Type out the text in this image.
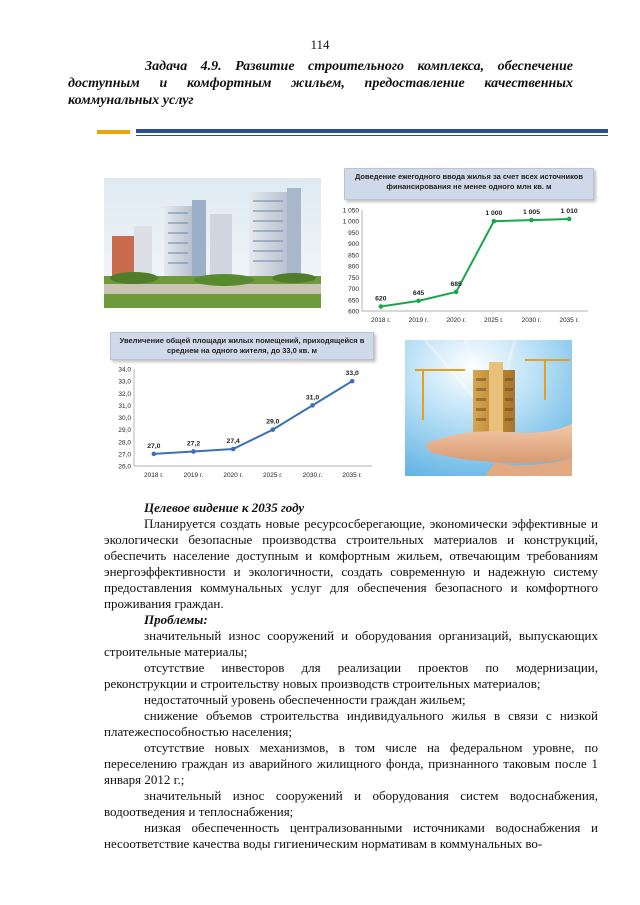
114
Задача 4.9. Развитие строительного комплекса, обеспечение доступным и комфортным жильем, предоставление качественных коммунальных услуг
Доведение ежегодного ввода жилья за счет всех источников финансирования не менее одного млн кв. м
600
650
700
750
800
850
900
950
1 000
1 050
2018 г.	2019 г.	2020 г.	2025 г.	2030 г.	2035 г.
620
645
685
1 000	1 005	1 010
Увеличение общей площади жилых помещений, приходящейся в среднем на одного жителя, до 33,0 кв. м
26,0
27,0
28,0
29,0
30,0
31,0
32,0
33,0
34,0
2018 г.	2019 г.	2020 г.	2025 г.	2030 г.	2035 г.
27,0	27,2	27,4
29,0
31,0
33,0

Целевое видение к 2035 году

Планируется создать новые ресурсосберегающие, экономически эффективные и экологически безопасные производства строительных материалов и конструкций, обеспечить население доступным и комфортным жильем, отвечающим требованиям энергоэффективности и экологичности, создать современную и надежную систему предоставления коммунальных услуг для обеспечения безопасного и комфортного проживания граждан.

Проблемы:

значительный износ сооружений и оборудования организаций, выпускающих строительные материалы;

отсутствие инвесторов для реализации проектов по модернизации, реконструкции и строительству новых производств строительных материалов;

недостаточный уровень обеспеченности граждан жильем;

снижение объемов строительства индивидуального жилья в связи с низкой платежеспособностью населения;

отсутствие новых механизмов, в том числе на федеральном уровне, по переселению граждан из аварийного жилищного фонда, признанного таковым после 1 января 2012 г.;

значительный износ сооружений и оборудования систем водоснабжения, водоотведения и теплоснабжения;

низкая обеспеченность централизованными источниками водоснабжения и несоответствие качества воды гигиеническим нормативам в коммунальных во-
